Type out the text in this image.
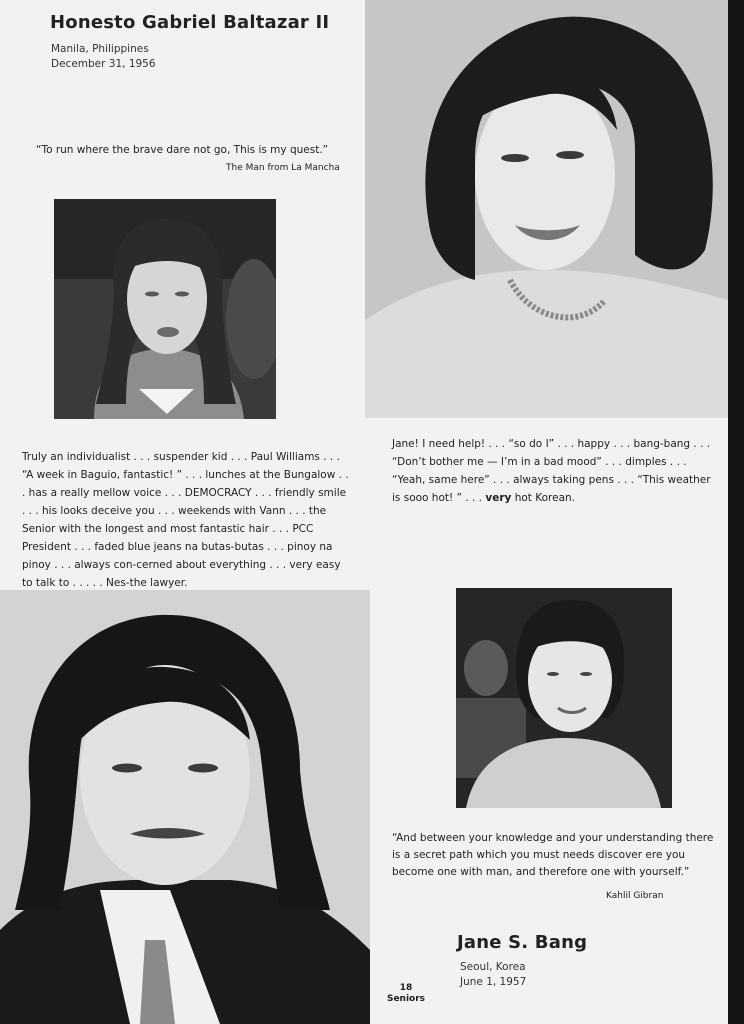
Honesto Gabriel Baltazar II
Manila, Philippines
December 31, 1956
“To run where the brave dare not go, This is my quest.”
The Man from La Mancha
Truly an individualist . . . suspender kid . . . Paul Williams . . . “A week in Baguio, fantastic! ” . . . lunches at the Bungalow . . . has a really mellow voice . . . DEMOCRACY . . . friendly smile . . . his looks deceive you . . . weekends with Vann . . . the Senior with the longest and most fantastic hair . . . PCC President . . . faded blue jeans na butas-butas . . . pinoy na pinoy . . . always con-cerned about everything . . . very easy to talk to . . . . . Nes-the lawyer.
Jane! I need help! . . . “so do I” . . . happy . . . bang-bang . . . “Don’t bother me — I’m in a bad mood” . . . dimples . . . “Yeah, same here” . . . always taking pens . . . “This weather is sooo hot! ” . . . very hot Korean.
“And between your knowledge and your understanding there is a secret path which you must needs discover ere you become one with man, and therefore one with yourself.”
Kahlil Gibran
Jane S. Bang
Seoul, Korea
June 1, 1957
18
Seniors
